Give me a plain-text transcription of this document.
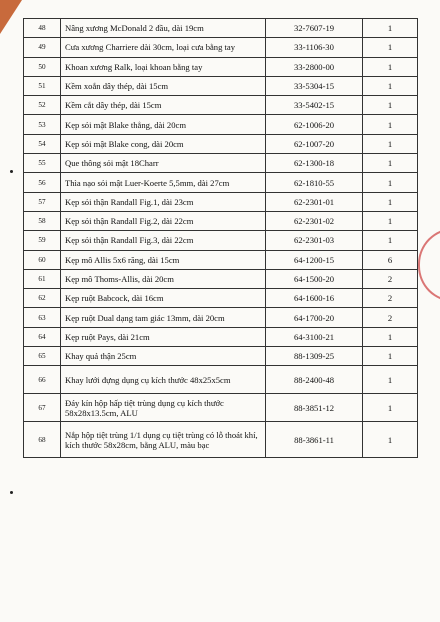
48	Nâng xương McDonald 2 đầu, dài 19cm	32-7607-19	1
49	Cưa xương Charriere dài 30cm, loại cưa bằng tay	33-1106-30	1
50	Khoan xương Ralk, loại khoan bằng tay	33-2800-00	1
51	Kềm xoắn dây thép, dài 15cm	33-5304-15	1
52	Kềm cắt dây thép, dài 15cm	33-5402-15	1
53	Kẹp sỏi mật Blake thẳng, dài 20cm	62-1006-20	1
54	Kẹp sỏi mật Blake cong, dài 20cm	62-1007-20	1
55	Que thông sỏi mật 18Charr	62-1300-18	1
56	Thìa nạo sỏi mật Luer-Koerte 5,5mm, dài 27cm	62-1810-55	1
57	Kẹp sỏi thận Randall Fig.1, dài 23cm	62-2301-01	1
58	Kẹp sỏi thận Randall Fig.2, dài 22cm	62-2301-02	1
59	Kẹp sỏi thận Randall Fig.3, dài 22cm	62-2301-03	1
60	Kẹp mô Allis 5x6 răng, dài 15cm	64-1200-15	6
61	Kẹp mô Thoms-Allis, dài 20cm	64-1500-20	2
62	Kẹp ruột Babcock, dài 16cm	64-1600-16	2
63	Kẹp ruột Dual dạng tam giác 13mm, dài 20cm	64-1700-20	2
64	Kẹp ruột Pays, dài 21cm	64-3100-21	1
65	Khay quả thận 25cm	88-1309-25	1
66	Khay lưới đựng dụng cụ kích thước 48x25x5cm	88-2400-48	1
67	Đáy kín hộp hấp tiệt trùng dụng cụ kích thước 58x28x13.5cm, ALU	88-3851-12	1
68	Nắp hộp tiệt trùng 1/1 dụng cụ tiệt trùng có lỗ thoát khí, kích thước 58x28cm, bằng ALU, màu bạc	88-3861-11	1
